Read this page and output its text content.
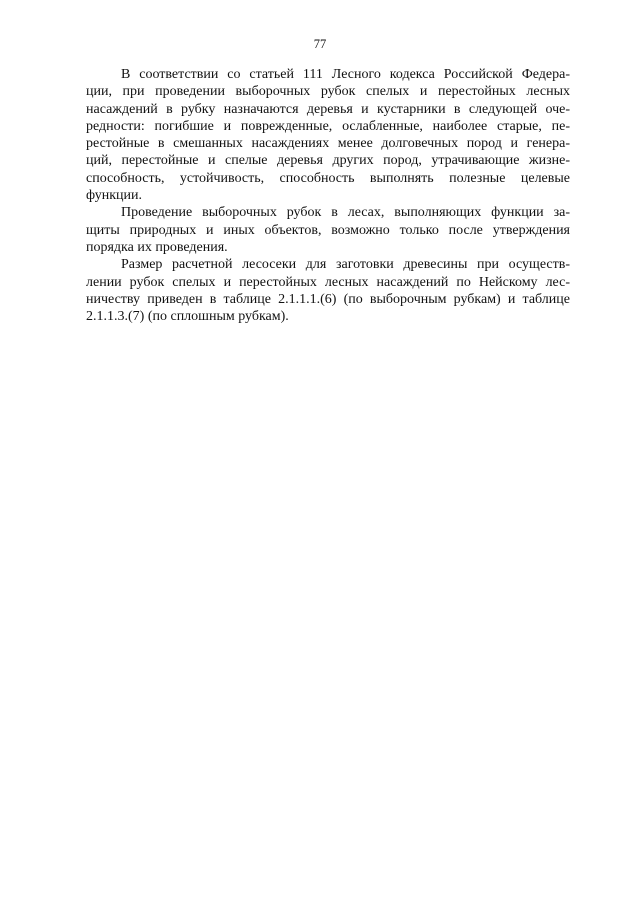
77

В соответствии со статьей 111 Лесного кодекса Российской Федера-
ции, при проведении выборочных рубок спелых и перестойных лесных
насаждений в рубку назначаются деревья и кустарники в следующей оче-
редности: погибшие и поврежденные, ослабленные, наиболее старые, пе-
рестойные в смешанных насаждениях менее долговечных пород и генера-
ций, перестойные и спелые деревья других пород, утрачивающие жизне-
способность, устойчивость, способность выполнять полезные целевые
функции.

Проведение выборочных рубок в лесах, выполняющих функции за-
щиты природных и иных объектов, возможно только после утверждения
порядка их проведения.

Размер расчетной лесосеки для заготовки древесины при осуществ-
лении рубок спелых и перестойных лесных насаждений по Нейскому лес-
ничеству приведен в таблице 2.1.1.1.(6) (по выборочным рубкам) и таблице
2.1.1.3.(7) (по сплошным рубкам).
